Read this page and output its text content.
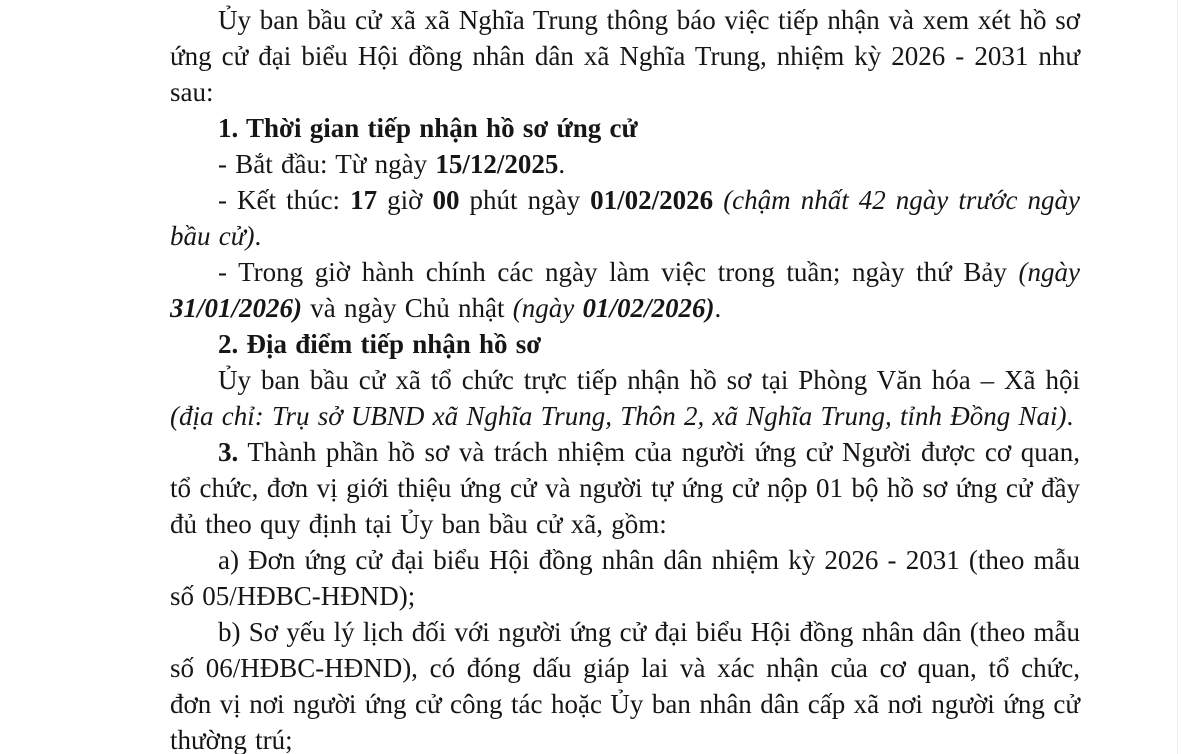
Ủy ban bầu cử xã xã Nghĩa Trung thông báo việc tiếp nhận và xem xét hồ sơ ứng cử đại biểu Hội đồng nhân dân xã Nghĩa Trung, nhiệm kỳ 2026 - 2031 như sau:

1. Thời gian tiếp nhận hồ sơ ứng cử

- Bắt đầu: Từ ngày 15/12/2025.

- Kết thúc: 17 giờ 00 phút ngày 01/02/2026 (chậm nhất 42 ngày trước ngày bầu cử).

- Trong giờ hành chính các ngày làm việc trong tuần; ngày thứ Bảy (ngày 31/01/2026) và ngày Chủ nhật (ngày 01/02/2026).

2. Địa điểm tiếp nhận hồ sơ

Ủy ban bầu cử xã tổ chức trực tiếp nhận hồ sơ tại Phòng Văn hóa – Xã hội (địa chỉ: Trụ sở UBND xã Nghĩa Trung, Thôn 2, xã Nghĩa Trung, tỉnh Đồng Nai).

3. Thành phần hồ sơ và trách nhiệm của người ứng cử Người được cơ quan, tổ chức, đơn vị giới thiệu ứng cử và người tự ứng cử nộp 01 bộ hồ sơ ứng cử đầy đủ theo quy định tại Ủy ban bầu cử xã, gồm:

a) Đơn ứng cử đại biểu Hội đồng nhân dân nhiệm kỳ 2026 - 2031 (theo mẫu số 05/HĐBC-HĐND);

b) Sơ yếu lý lịch đối với người ứng cử đại biểu Hội đồng nhân dân (theo mẫu số 06/HĐBC-HĐND), có đóng dấu giáp lai và xác nhận của cơ quan, tổ chức, đơn vị nơi người ứng cử công tác hoặc Ủy ban nhân dân cấp xã nơi người ứng cử thường trú;
